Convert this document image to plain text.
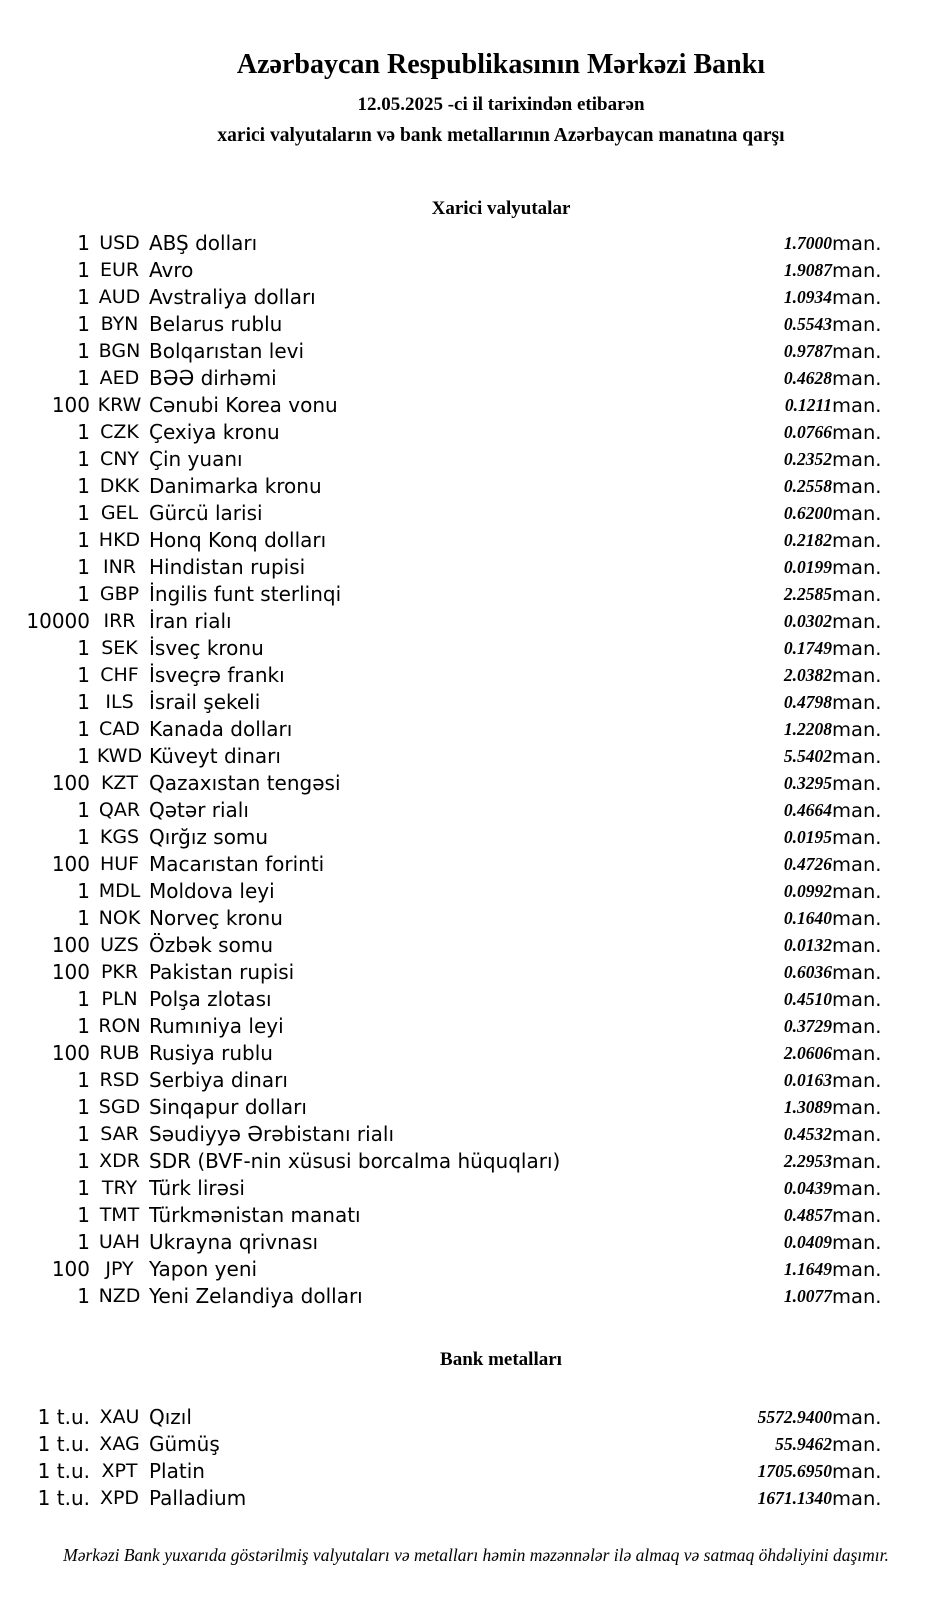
Azərbaycan Respublikasının Mərkəzi Bankı
12.05.2025 -ci il tarixindən etibarən
xarici valyutaların və bank metallarının Azərbaycan manatına qarşı
Xarici valyutalar
1	USD	ABŞ dolları	1.7000	man.
1	EUR	Avro	1.9087	man.
1	AUD	Avstraliya dolları	1.0934	man.
1	BYN	Belarus rublu	0.5543	man.
1	BGN	Bolqarıstan levi	0.9787	man.
1	AED	BƏƏ dirhəmi	0.4628	man.
100	KRW	Cənubi Korea vonu	0.1211	man.
1	CZK	Çexiya kronu	0.0766	man.
1	CNY	Çin yuanı	0.2352	man.
1	DKK	Danimarka kronu	0.2558	man.
1	GEL	Gürcü larisi	0.6200	man.
1	HKD	Honq Konq dolları	0.2182	man.
1	INR	Hindistan rupisi	0.0199	man.
1	GBP	İngilis funt sterlinqi	2.2585	man.
10000	IRR	İran rialı	0.0302	man.
1	SEK	İsveç kronu	0.1749	man.
1	CHF	İsveçrə frankı	2.0382	man.
1	ILS	İsrail şekeli	0.4798	man.
1	CAD	Kanada dolları	1.2208	man.
1	KWD	Küveyt dinarı	5.5402	man.
100	KZT	Qazaxıstan tengəsi	0.3295	man.
1	QAR	Qətər rialı	0.4664	man.
1	KGS	Qırğız somu	0.0195	man.
100	HUF	Macarıstan forinti	0.4726	man.
1	MDL	Moldova leyi	0.0992	man.
1	NOK	Norveç kronu	0.1640	man.
100	UZS	Özbək somu	0.0132	man.
100	PKR	Pakistan rupisi	0.6036	man.
1	PLN	Polşa zlotası	0.4510	man.
1	RON	Rumıniya leyi	0.3729	man.
100	RUB	Rusiya rublu	2.0606	man.
1	RSD	Serbiya dinarı	0.0163	man.
1	SGD	Sinqapur dolları	1.3089	man.
1	SAR	Səudiyyə Ərəbistanı rialı	0.4532	man.
1	XDR	SDR (BVF-nin xüsusi borcalma hüquqları)	2.2953	man.
1	TRY	Türk lirəsi	0.0439	man.
1	TMT	Türkmənistan manatı	0.4857	man.
1	UAH	Ukrayna qrivnası	0.0409	man.
100	JPY	Yapon yeni	1.1649	man.
1	NZD	Yeni Zelandiya dolları	1.0077	man.
Bank metalları
1 t.u.	XAU	Qızıl	5572.9400	man.
1 t.u.	XAG	Gümüş	55.9462	man.
1 t.u.	XPT	Platin	1705.6950	man.
1 t.u.	XPD	Palladium	1671.1340	man.
Mərkəzi Bank yuxarıda göstərilmiş valyutaları və metalları həmin məzənnələr ilə almaq və satmaq öhdəliyini daşımır.
